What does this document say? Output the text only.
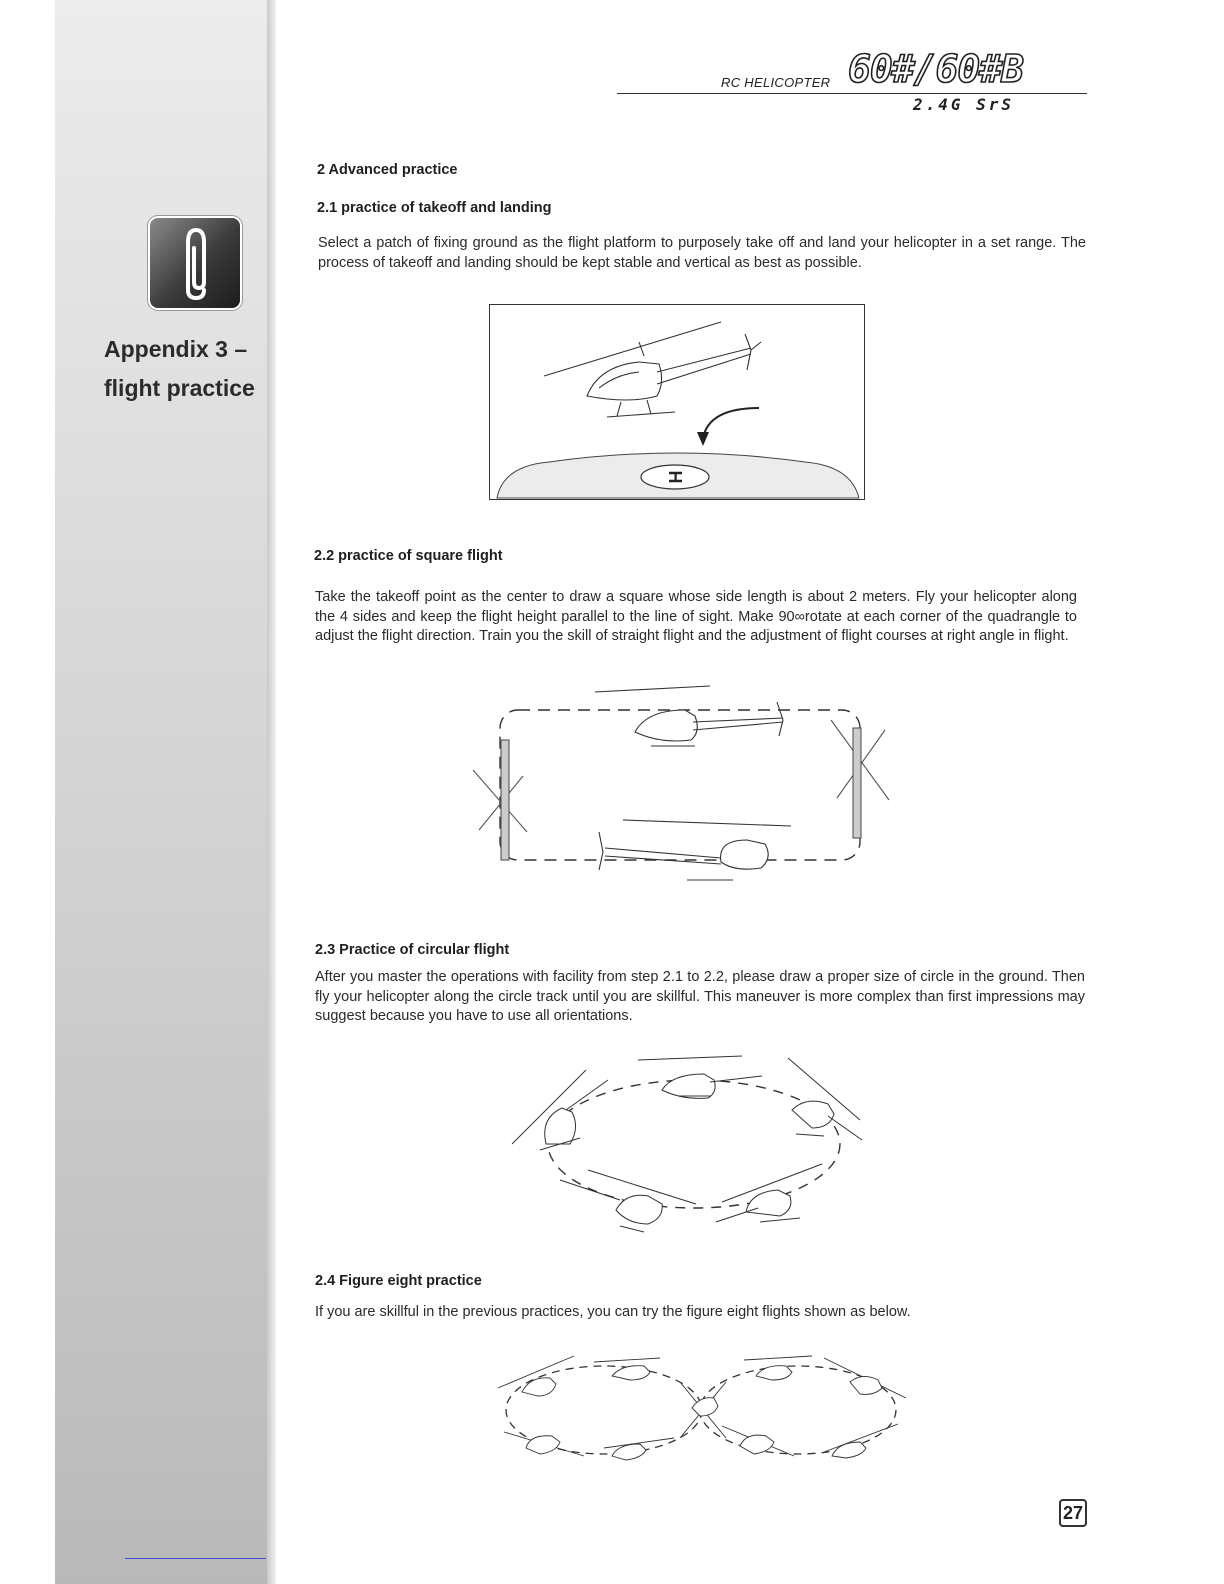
Appendix 3 –
flight practice
RC HELICOPTER 60#/60#B
2.4G SrS
2 Advanced practice
2.1 practice of takeoff and landing

Select a patch of fixing ground as the flight platform to purposely take off and land your helicopter in a set range. The process of takeoff and landing should be kept stable and vertical as best as possible.

H
2.2 practice of square flight

Take the takeoff point as the center to draw a square whose side length is about 2 meters. Fly your helicopter along the 4 sides and keep the flight height parallel to the line of sight. Make 90∞rotate at each corner of the quadrangle to adjust the flight direction. Train you the skill of straight flight and the adjustment of flight courses at right angle in flight.

2.3 Practice of circular flight

After you master the operations with facility from step 2.1 to 2.2, please draw a proper size of circle in the ground. Then fly your helicopter along the circle track until you are skillful. This maneuver is more complex than first impressions may suggest because you have to use all orientations.

2.4 Figure eight practice

If you are skillful in the previous practices, you can try the figure eight flights shown as below.

27
